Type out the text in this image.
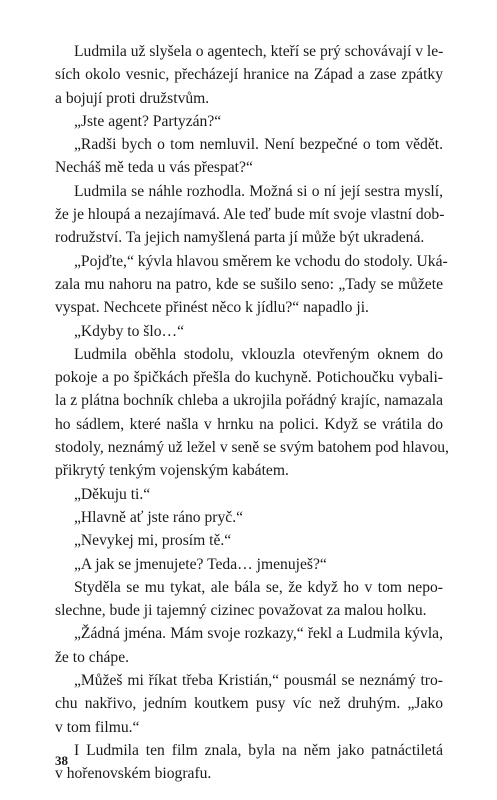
Ludmila už slyšela o agentech, kteří se prý schovávají v le-
sích okolo vesnic, přecházejí hranice na Západ a zase zpátky
a bojují proti družstvům.

„Jste agent? Partyzán?“

„Radši bych o tom nemluvil. Není bezpečné o tom vědět.
Necháš mě teda u vás přespat?“

Ludmila se náhle rozhodla. Možná si o ní její sestra myslí,
že je hloupá a nezajímavá. Ale teď bude mít svoje vlastní dob-
rodružství. Ta jejich namyšlená parta jí může být ukradená.

„Pojďte,“ kývla hlavou směrem ke vchodu do stodoly. Uká-
zala mu nahoru na patro, kde se sušilo seno: „Tady se můžete
vyspat. Nechcete přinést něco k jídlu?“ napadlo ji.

„Kdyby to šlo…“

Ludmila oběhla stodolu, vklouzla otevřeným oknem do
pokoje a po špičkách přešla do kuchyně. Potichoučku vybali-
la z plátna bochník chleba a ukrojila pořádný krajíc, namazala
ho sádlem, které našla v hrnku na polici. Když se vrátila do
stodoly, neznámý už ležel v seně se svým batohem pod hlavou,
přikrytý tenkým vojenským kabátem.

„Děkuju ti.“

„Hlavně ať jste ráno pryč.“

„Nevykej mi, prosím tě.“

„A jak se jmenujete? Teda… jmenuješ?“

Styděla se mu tykat, ale bála se, že když ho v tom nepo-
slechne, bude ji tajemný cizinec považovat za malou holku.

„Žádná jména. Mám svoje rozkazy,“ řekl a Ludmila kývla,
že to chápe.

„Můžeš mi říkat třeba Kristián,“ pousmál se neznámý tro-
chu nakřivo, jedním koutkem pusy víc než druhým. „Jako
v tom filmu.“

I Ludmila ten film znala, byla na něm jako patnáctiletá
v hořenovském biografu.

38
